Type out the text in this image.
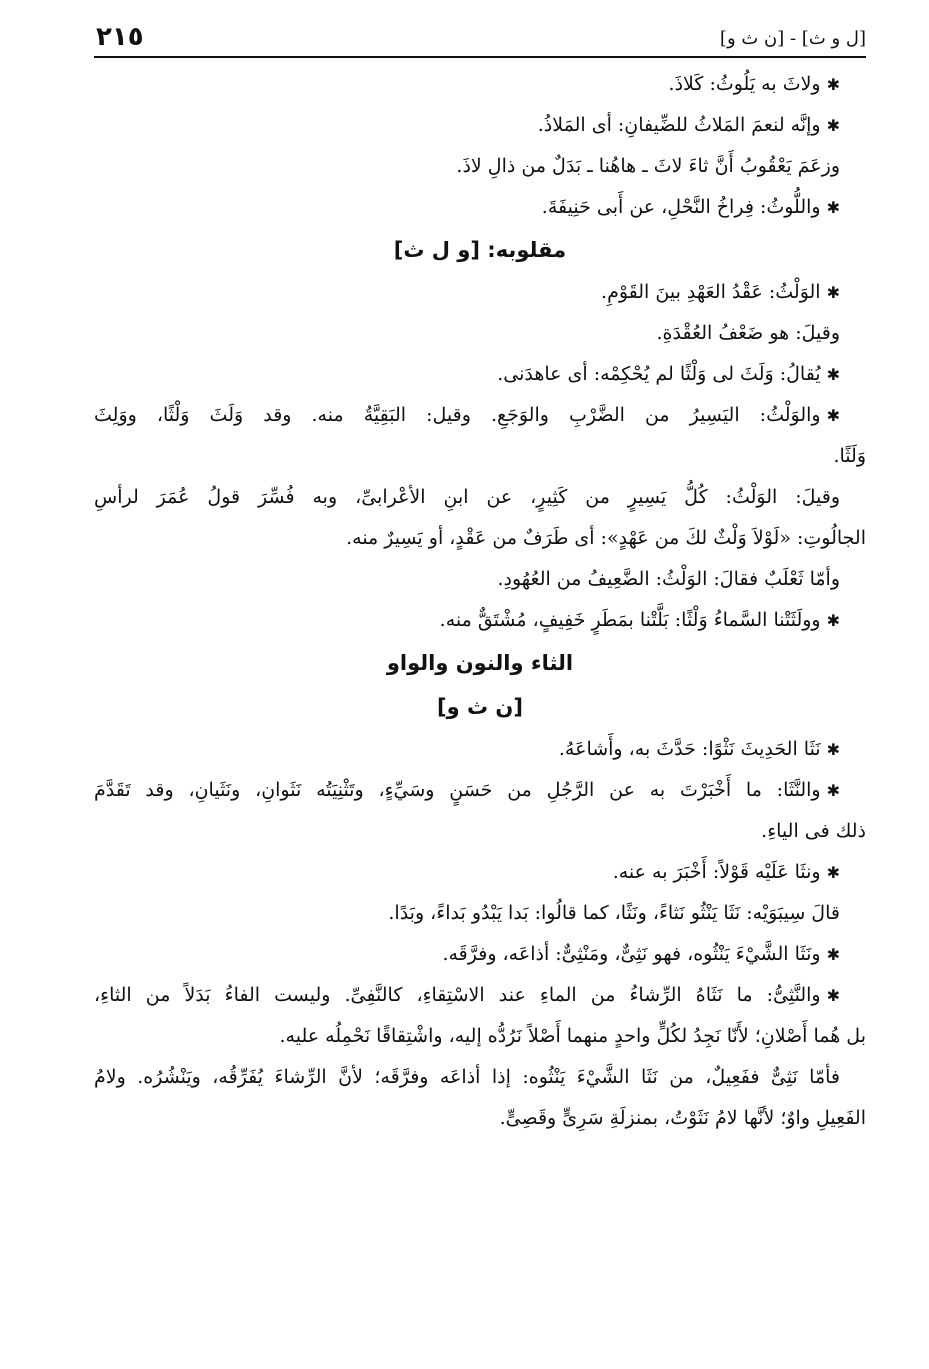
[ل و ث] - [ن ث و]
٢١٥
✱ولاثَ به يَلُوثُ: كَلاذَ.
✱وإنَّه لنعمَ المَلاثُ للضِّيفانِ: أى المَلاذُ.
وزعَمَ يَعْقُوبُ أَنَّ ثاءَ لاثَ ـ هاهُنا ـ بَدَلٌ من ذالِ لاذَ.
✱واللُّوثُ: فِراخُ النَّحْلِ، عن أَبى حَنِيفَةَ.
مقلوبه: [و ل ث]
✱الوَلْثُ: عَقْدُ العَهْدِ بينَ القَوْمِ.
وقيلَ: هو ضَعْفُ العُقْدَةِ.
✱يُقالُ: وَلَثَ لى وَلْثًا لم يُحْكِمْه: أى عاهدَنى.
✱والوَلْثُ: اليَسِيرُ من الضَّرْبِ والوَجَعِ. وقيل: البَقِيَّةُ منه. وقد وَلَثَ وَلْثًا، ووَلِثَ
وَلَثًا.
وقيلَ: الوَلْثُ: كُلُّ يَسِيرٍ من كَثِيرٍ، عن ابنِ الأعْرابىِّ، وبه فُسِّرَ قولُ عُمَرَ لرأسِ
الجالُوتِ: «لَوْلاَ وَلْثٌ لكَ من عَهْدٍ»: أى طَرَفٌ من عَقْدٍ، أو يَسِيرٌ منه.
وأمّا ثَعْلَبٌ فقالَ: الوَلْثُ: الضَّعِيفُ من العُهُودِ.
✱وولَثَتْنا السَّماءُ وَلْثًا: بَلَّتْنا بمَطَرٍ خَفِيفٍ، مُشْتَقٌّ منه.
الثاء والنون والواو
[ن ث و]
✱نَثَا الحَدِيثَ نَثْوًا: حَدَّثَ به، وأَشاعَهُ.
✱والنَّثَا: ما أَخْبَرْتَ به عن الرَّجُلِ من حَسَنٍ وسَيِّءٍ، وتَثْنِيَتُه نَثَوانِ، ونَثَيانِ، وقد تَقَدَّمَ
ذلك فى الياءِ.
✱ونثَا عَلَيْه قَوْلاً: أَخْبَرَ به عنه.
قالَ سِيبَوَيْه: نَثَا يَنْثُو نَثاءً، ونَثًا، كما قالُوا: بَدا يَبْدُو بَداءً، وبَدًا.
✱ونَثَا الشَّيْءَ يَنْثُوه، فهو نَثِىٌّ، ومَنْثِىٌّ: أذاعَه، وفرَّقَه.
✱والنَّثِىُّ: ما نَثَاهُ الرِّشاءُ من الماءِ عند الاسْتِقاءِ، كالنَّفِىِّ. وليست الفاءُ بَدَلاً من الثاءِ،
بل هُما أَصْلانِ؛ لأَنّا نَجِدُ لكُلٍّ واحدٍ منهما أَصْلاً نَرُدُّه إليه، واشْتِقاقًا نَحْمِلُه عليه.
فأمّا نَثِىٌّ ففَعِيلٌ، من نَثَا الشَّيْءَ يَنْثُوه: إذا أذاعَه وفرَّقَه؛ لأنَّ الرِّشاءَ يُفَرِّقُه، ويَنْشُرُه. ولامُ
الفَعِيلِ واوٌ؛ لأنَّها لامُ نَثَوْتُ، بمنزلَةِ سَرِىٍّ وقَصِىٍّ.
